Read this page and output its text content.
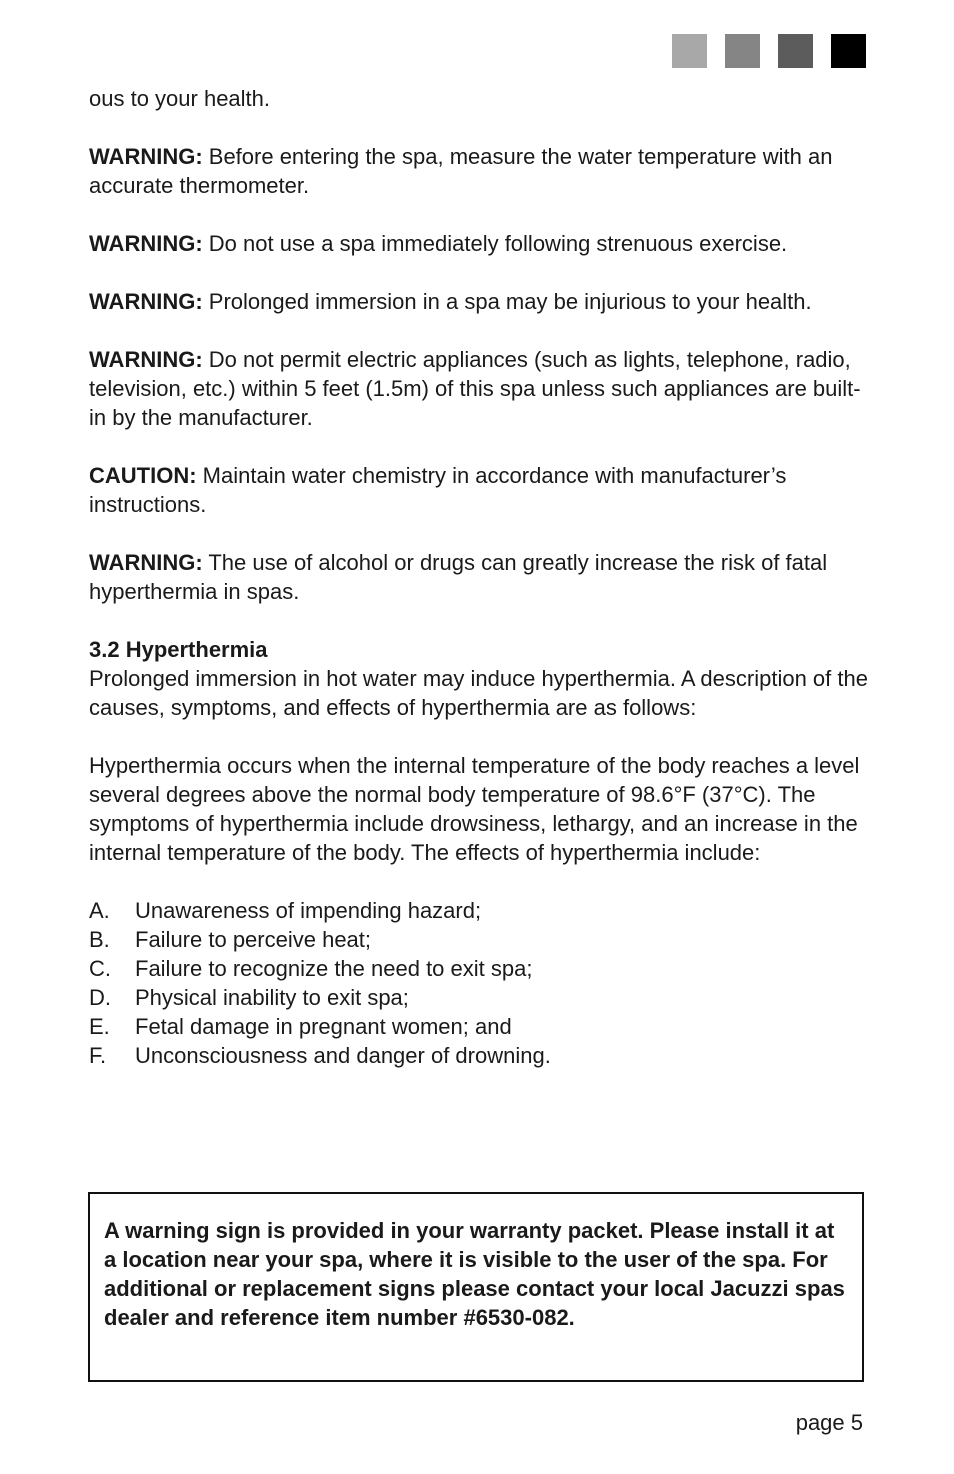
ous to your health.

WARNING: Before entering the spa, measure the water temperature with an accurate thermometer.

WARNING: Do not use a spa immediately following strenuous exercise.

WARNING: Prolonged immersion in a spa may be injurious to your health.

WARNING: Do not permit electric appliances (such as lights, telephone, radio, television, etc.) within 5 feet (1.5m) of this spa unless such appliances are built-in by the manufacturer.

CAUTION: Maintain water chemistry in accordance with manufacturer’s instructions.

WARNING: The use of alcohol or drugs can greatly increase the risk of fatal hyperthermia in spas.

3.2 Hyperthermia

Prolonged immersion in hot water may induce hyperthermia. A description of the causes, symptoms, and effects of hyperthermia are as follows:

Hyperthermia occurs when the internal temperature of the body reaches a level several degrees above the normal body temperature of 98.6°F (37°C). The symptoms of hyperthermia include drowsiness, lethargy, and an increase in the internal temperature of the body. The effects of hyperthermia include:

A.	Unawareness of impending hazard;
B.	Failure to perceive heat;
C.	Failure to recognize the need to exit spa;
D.	Physical inability to exit spa;
E.	Fetal damage in pregnant women; and
F.	Unconsciousness and danger of drowning.

A warning sign is provided in your warranty packet. Please install it at a location near your spa, where it is visible to the user of the spa. For additional or replacement signs please contact your local Jacuzzi spas dealer and reference item number #6530-082.

page 5
